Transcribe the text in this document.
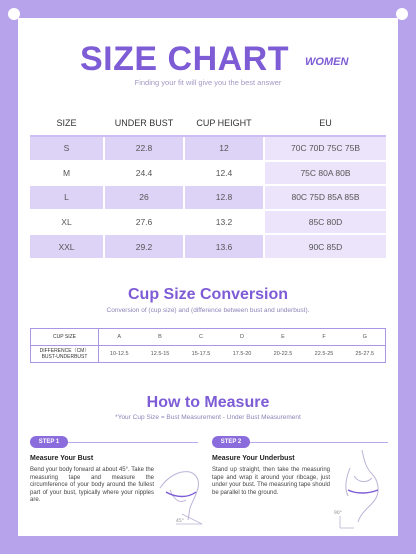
SIZE CHART WOMEN
Finding your fit will give you the best answer
SIZE	UNDER BUST	CUP HEIGHT	EU
S	22.8	12	70C 70D 75C 75B
M	24.4	12.4	75C 80A 80B
L	26	12.8	80C 75D 85A 85B
XL	27.6	13.2	85C 80D
XXL	29.2	13.6	90C 85D
Cup Size Conversion
Conversion of (cup size) and (difference between bust and underbust).
CUP SIZE	A	B	C	D	E	F	G

DIFFERENCE（CM）
BUST-UNDERBUST	10-12.5	12.5-15	15-17.5	17.5-20	20-22.5	22.5-25	25-27.5
How to Measure
*Your Cup Size = Bust Measurement - Under Bust Measurement
STEP 1
Measure Your Bust
Bend your body forward at about 45°. Take the measuring tape and measure the circumference of your body around the fullest part of your bust, typically where your nipples are.
45°
STEP 2
Measure Your Underbust
Stand up straight, then take the measuring tape and wrap it around your ribcage, just under your bust. The measuring tape should be parallel to the ground.
90°
